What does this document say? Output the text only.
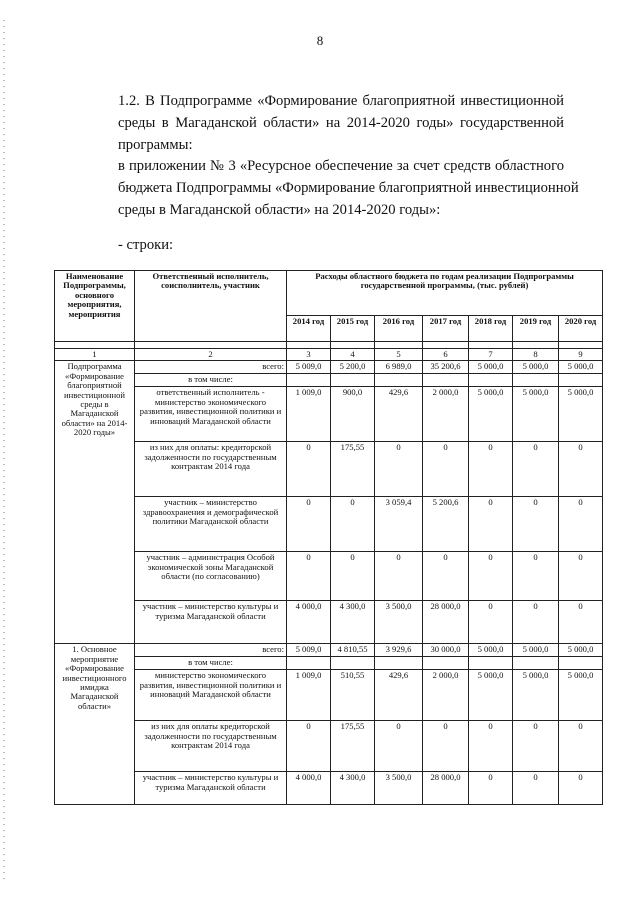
8
1.2. В Подпрограмме «Формирование благоприятной инвестиционной
среды в Магаданской области» на 2014-2020 годы» государственной
программы:
в приложении № 3 «Ресурсное обеспечение за счет средств областного
бюджета Подпрограммы «Формирование благоприятной инвестиционной
среды в Магаданской области» на 2014-2020 годы»:
- строки:
Наименование Подпрограммы, основного мероприятия, мероприятия	Ответственный исполнитель, соисполнитель, участник	Расходы областного бюджета по годам реализации Подпрограммы государственной программы, (тыс. рублей)						
		2014 год	2015 год	2016 год	2017 год	2018 год	2019 год	2020 год

1	2	3	4	5	6	7	8	9
Подпрограмма «Формирование благоприятной инвестиционной среды в Магаданской области» на 2014-2020 годы»	всего:	5 009,0	5 200,0	6 989,0	35 200,6	5 000,0	5 000,0	5 000,0
	в том числе:							
	ответственный исполнитель - министерство экономического развития, инвестиционной политики и инноваций Магаданской области	1 009,0	900,0	429,6	2 000,0	5 000,0	5 000,0	5 000,0
	из них для оплаты: кредиторской задолженности по государственным контрактам 2014 года	0	175,55	0	0	0	0	0
	участник – министерство здравоохранения и демографической политики Магаданской области	0	0	3 059,4	5 200,6	0	0	0
	участник – администрация Особой экономической зоны Магаданской области (по согласованию)	0	0	0	0	0	0	0
	участник – министерство культуры и туризма Магаданской области	4 000,0	4 300,0	3 500,0	28 000,0	0	0	0
1. Основное мероприятие «Формирование инвестиционного имиджа Магаданской области»	всего:	5 009,0	4 810,55	3 929,6	30 000,0	5 000,0	5 000,0	5 000,0
	в том числе:							
	министерство экономического развития, инвестиционной политики и инноваций Магаданской области	1 009,0	510,55	429,6	2 000,0	5 000,0	5 000,0	5 000,0
	из них для оплаты кредиторской задолженности по государственным контрактам 2014 года	0	175,55	0	0	0	0	0
	участник – министерство культуры и туризма Магаданской области	4 000,0	4 300,0	3 500,0	28 000,0	0	0	0
